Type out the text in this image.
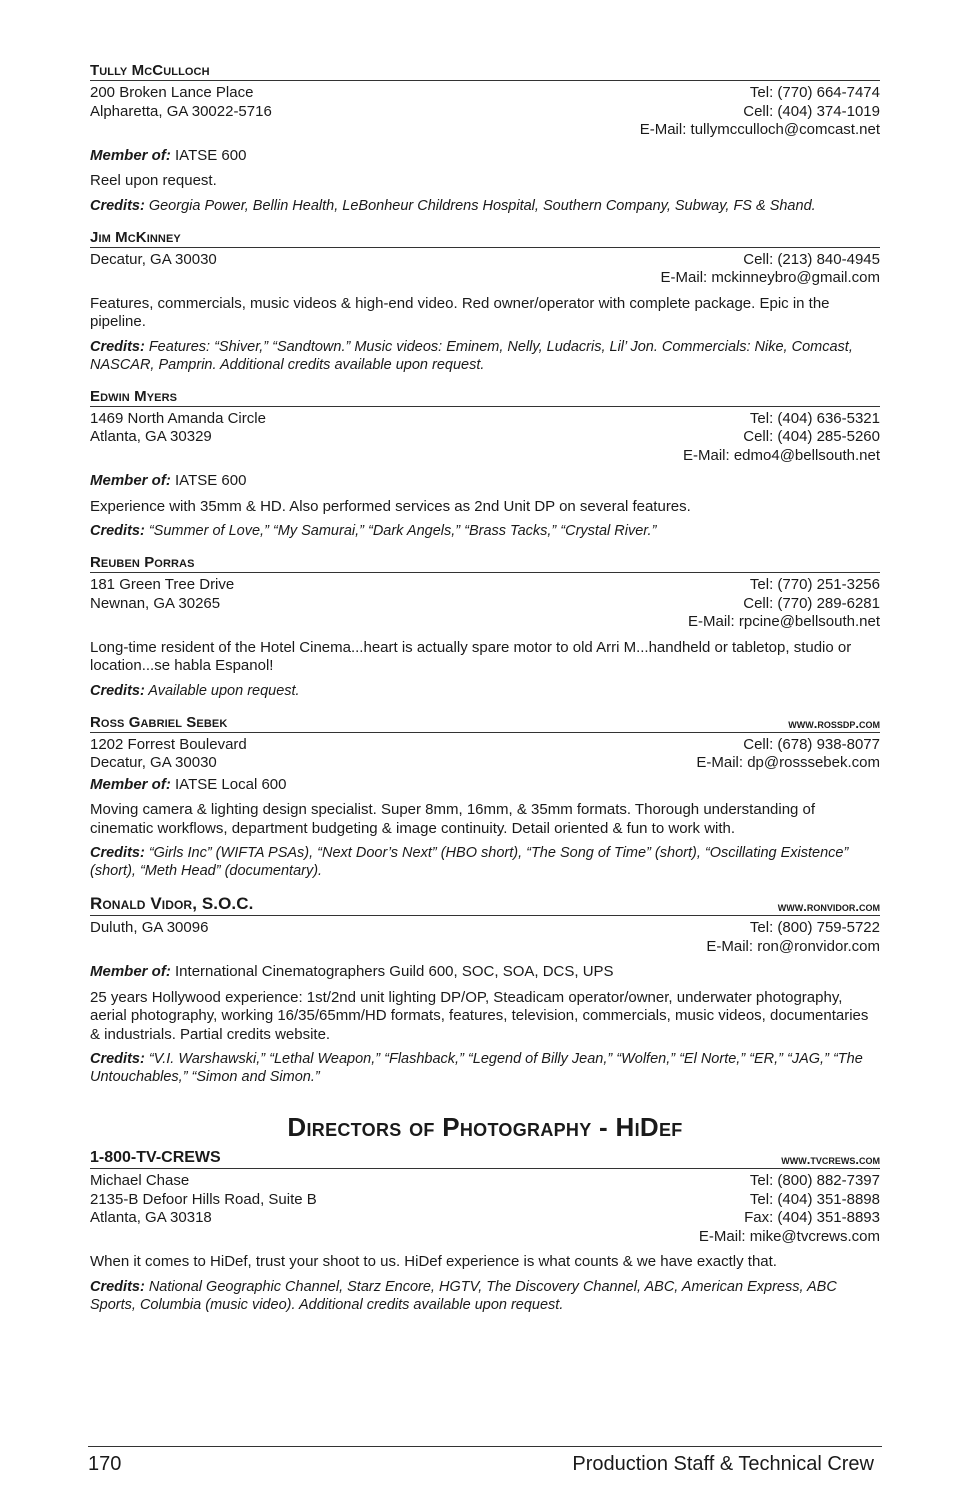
Tully McCulloch
200 Broken Lance Place
Alpharetta, GA 30022-5716
Tel: (770) 664-7474
Cell: (404) 374-1019
E-Mail: tullymcculloch@comcast.net
Member of: IATSE 600
Reel upon request.
Credits: Georgia Power, Bellin Health, LeBonheur Childrens Hospital, Southern Company, Subway, FS & Shand.
Jim McKinney
Decatur, GA 30030	Cell: (213) 840-4945
E-Mail: mckinneybro@gmail.com
Features, commercials, music videos & high-end video. Red owner/operator with complete package. Epic in the pipeline.
Credits: Features: “Shiver,” “Sandtown.” Music videos: Eminem, Nelly, Ludacris, Lil’ Jon. Commercials: Nike, Comcast, NASCAR, Pamprin. Additional credits available upon request.
Edwin Myers
1469 North Amanda Circle
Atlanta, GA 30329
Tel: (404) 636-5321
Cell: (404) 285-5260
E-Mail: edmo4@bellsouth.net
Member of: IATSE 600
Experience with 35mm & HD. Also performed services as 2nd Unit DP on several features.
Credits: “Summer of Love,” “My Samurai,” “Dark Angels,” “Brass Tacks,” “Crystal River.”
Reuben Porras
181 Green Tree Drive
Newnan, GA 30265
Tel: (770) 251-3256
Cell: (770) 289-6281
E-Mail: rpcine@bellsouth.net
Long-time resident of the Hotel Cinema...heart is actually spare motor to old Arri M...handheld or tabletop, studio or location...se habla Espanol!
Credits: Available upon request.
Ross Gabriel Sebek	www.rossdp.com
1202 Forrest Boulevard
Decatur, GA 30030
Cell: (678) 938-8077
E-Mail: dp@rosssebek.com
Member of: IATSE Local 600
Moving camera & lighting design specialist. Super 8mm, 16mm, & 35mm formats. Thorough understanding of cinematic workflows, department budgeting & image continuity. Detail oriented & fun to work with.
Credits: “Girls Inc” (WIFTA PSAs), “Next Door’s Next” (HBO short), “The Song of Time” (short), “Oscillating Existence” (short), “Meth Head” (documentary).
Ronald Vidor, S.O.C.	www.ronvidor.com
Duluth, GA 30096	Tel: (800) 759-5722
E-Mail: ron@ronvidor.com
Member of: International Cinematographers Guild 600, SOC, SOA, DCS, UPS
25 years Hollywood experience: 1st/2nd unit lighting DP/OP, Steadicam operator/owner, underwater photography, aerial photography, working 16/35/65mm/HD formats, features, television, commercials, music videos, documentaries & industrials. Partial credits website.
Credits: “V.I. Warshawski,” “Lethal Weapon,” “Flashback,” “Legend of Billy Jean,” “Wolfen,” “El Norte,” “ER,” “JAG,” “The Untouchables,” “Simon and Simon.”
Directors of Photography - HiDef
1-800-TV-CREWS	www.tvcrews.com
Michael Chase
2135-B Defoor Hills Road, Suite B
Atlanta, GA 30318
Tel: (800) 882-7397
Tel: (404) 351-8898
Fax: (404) 351-8893
E-Mail: mike@tvcrews.com
When it comes to HiDef, trust your shoot to us. HiDef experience is what counts & we have exactly that.
Credits: National Geographic Channel, Starz Encore, HGTV, The Discovery Channel, ABC, American Express, ABC Sports, Columbia (music video). Additional credits available upon request.
170	Production Staff & Technical Crew
